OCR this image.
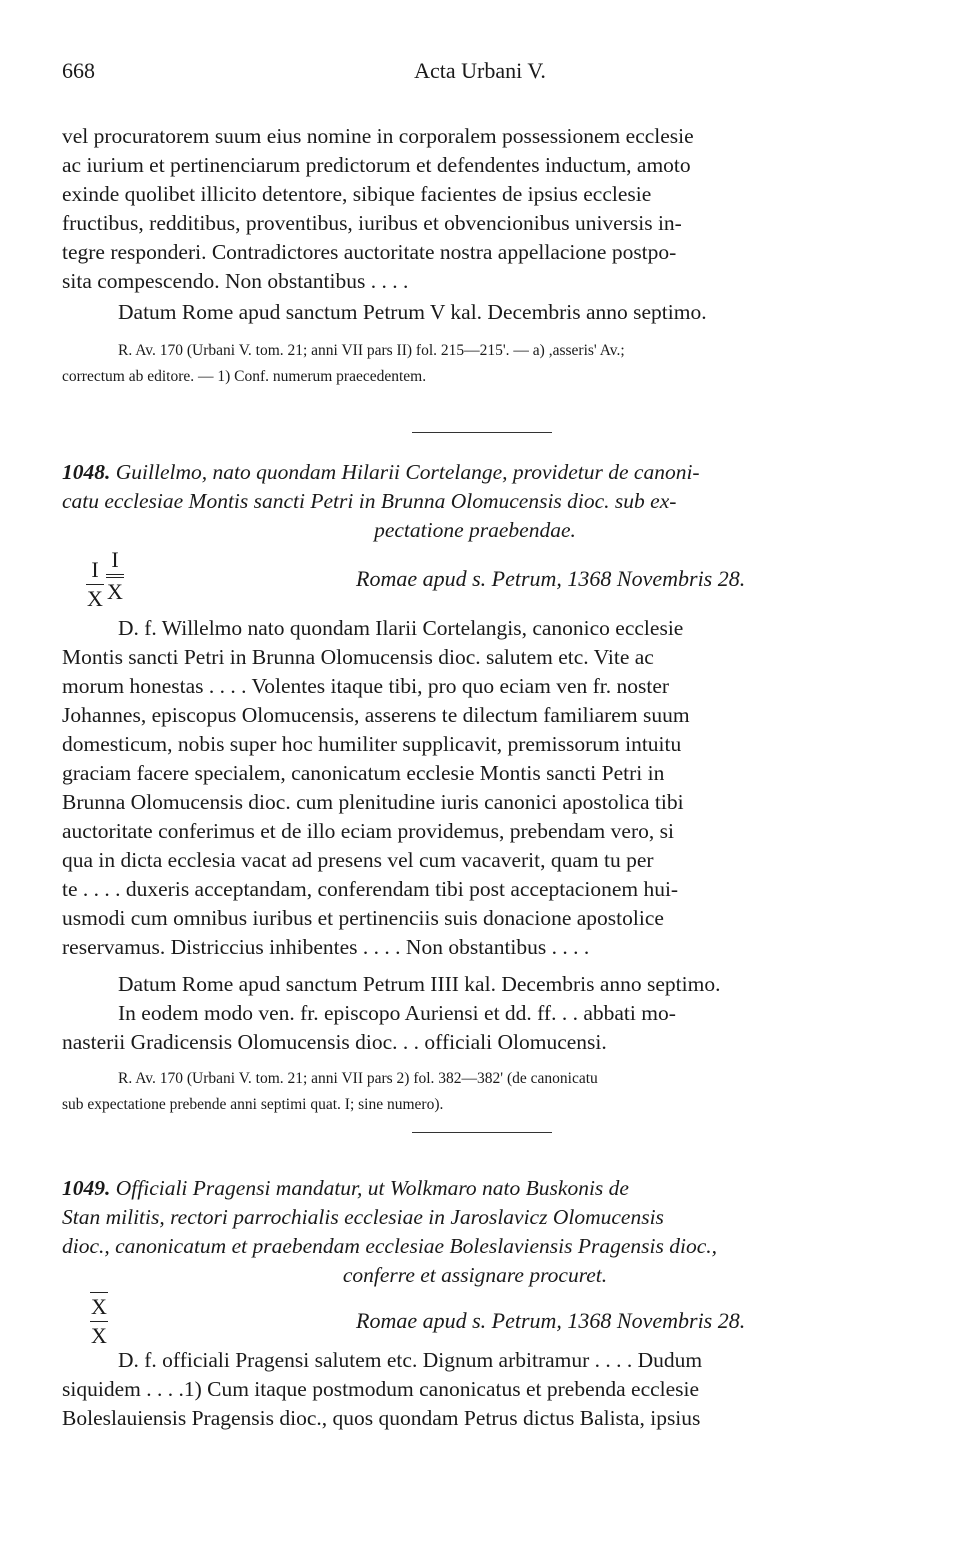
668	Acta Urbani V.

vel procuratorem suum eius nomine in corporalem possessionem ecclesie

ac iurium et pertinenciarum predictorum et defendentes inductum, amoto

exinde quolibet illicito detentore, sibique facientes de ipsius ecclesie

fructibus, redditibus, proventibus, iuribus et obvencionibus universis in-

tegre responderi. Contradictores auctoritate nostra appellacione postpo-

sita compescendo. Non obstantibus . . . .

Datum Rome apud sanctum Petrum V kal. Decembris anno septimo.

R. Av. 170 (Urbani V. tom. 21; anni VII pars II) fol. 215—215'. — a) ,asseris' Av.;

correctum ab editore. — 1) Conf. numerum praecedentem.

1048. Guillelmo, nato quondam Hilarii Cortelange, providetur de canoni-

catu ecclesiae Montis sancti Petri in Brunna Olomucensis dioc. sub ex-

pectatione praebendae.

I
X
I
X
Romae apud s. Petrum, 1368 Novembris 28.

D. f. Willelmo nato quondam Ilarii Cortelangis, canonico ecclesie

Montis sancti Petri in Brunna Olomucensis dioc. salutem etc. Vite ac

morum honestas . . . . Volentes itaque tibi, pro quo eciam ven fr. noster

Johannes, episcopus Olomucensis, asserens te dilectum familiarem suum

domesticum, nobis super hoc humiliter supplicavit, premissorum intuitu

graciam facere specialem, canonicatum ecclesie Montis sancti Petri in

Brunna Olomucensis dioc. cum plenitudine iuris canonici apostolica tibi

auctoritate conferimus et de illo eciam providemus, prebendam vero, si

qua in dicta ecclesia vacat ad presens vel cum vacaverit, quam tu per

te . . . . duxeris acceptandam, conferendam tibi post acceptacionem hui-

usmodi cum omnibus iuribus et pertinenciis suis donacione apostolice

reservamus. Districcius inhibentes . . . . Non obstantibus . . . .

Datum Rome apud sanctum Petrum IIII kal. Decembris anno septimo.

In eodem modo ven. fr. episcopo Auriensi et dd. ff. . . abbati mo-

nasterii Gradicensis Olomucensis dioc. . . officiali Olomucensi.

R. Av. 170 (Urbani V. tom. 21; anni VII pars 2) fol. 382—382' (de canonicatu

sub expectatione prebende anni septimi quat. I; sine numero).

1049. Officiali Pragensi mandatur, ut Wolkmaro nato Buskonis de

Stan militis, rectori parrochialis ecclesiae in Jaroslavicz Olomucensis

dioc., canonicatum et praebendam ecclesiae Boleslaviensis Pragensis dioc.,

conferre et assignare procuret.

X
X
Romae apud s. Petrum, 1368 Novembris 28.

D. f. officiali Pragensi salutem etc. Dignum arbitramur . . . . Dudum

siquidem . . . .1) Cum itaque postmodum canonicatus et prebenda ecclesie

Boleslauiensis Pragensis dioc., quos quondam Petrus dictus Balista, ipsius
